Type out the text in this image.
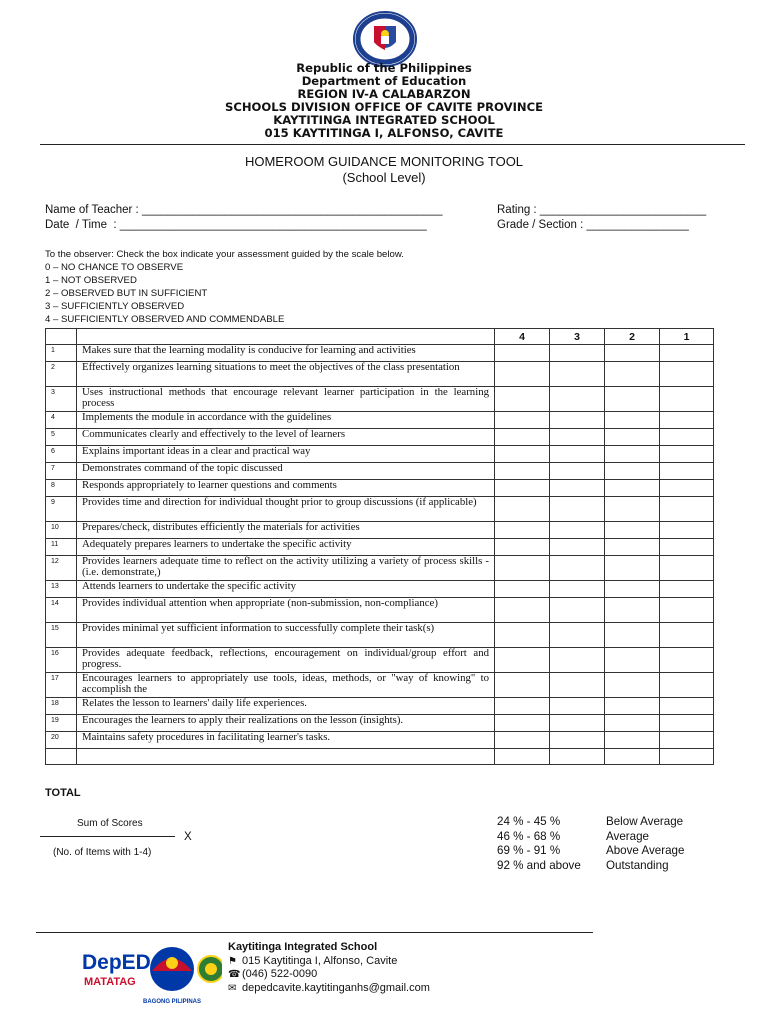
Republic of the Philippines
Department of Education
REGION IV-A CALABARZON
SCHOOLS DIVISION OFFICE OF CAVITE PROVINCE
KAYTITINGA INTEGRATED SCHOOL
015 KAYTITINGA I, ALFONSO, CAVITE
HOMEROOM GUIDANCE MONITORING TOOL
(School Level)
Name of Teacher : _______________________________________________
Date  / Time  : ________________________________________________
Rating : __________________________
Grade / Section : ________________
To the observer: Check the box indicate your assessment guided by the scale below.
0 – NO CHANCE TO OBSERVE
1 – NOT OBSERVED
2 – OBSERVED BUT IN SUFFICIENT
3 – SUFFICIENTLY OBSERVED
4 – SUFFICIENTLY OBSERVED AND COMMENDABLE
		4	3	2	1
1	Makes sure that the learning modality is conducive for learning and activities				
2	Effectively organizes learning situations to meet the objectives of the class presentation				
3	Uses instructional methods that encourage relevant learner participation in the learning process				
4	Implements the module in accordance with the guidelines				
5	Communicates clearly and effectively to the level of learners				
6	Explains important ideas in a clear and practical way				
7	Demonstrates command of the topic discussed				
8	Responds appropriately to learner questions and comments				
9	Provides time and direction for individual thought prior to group discussions (if applicable)				
10	Prepares/check, distributes efficiently the materials for activities				
11	Adequately prepares learners to undertake the specific activity				
12	Provides learners adequate time to reflect on the activity utilizing a variety of process skills - (i.e. demonstrate,)				
13	Attends learners to undertake the specific activity				
14	Provides individual attention when appropriate (non-submission, non-compliance)				
15	Provides minimal yet sufficient information to successfully complete their task(s)				
16	Provides adequate feedback, reflections, encouragement on individual/group effort and progress.				
17	Encourages learners to appropriately use tools, ideas, methods, or "way of knowing" to accomplish the				
18	Relates the lesson to learners' daily life experiences.				
19	Encourages the learners to apply their realizations on the lesson (insights).				
20	Maintains safety procedures in facilitating learner's tasks.				

TOTAL
Sum of Scores
X
(No. of Items with 1-4)
24 % - 45 %	Below Average
46 % - 68 %	Average
69 % - 91 %	Above Average
92 % and above Outstanding
DepED
MATATAG
BAGONG PILIPINAS
Kaytitinga Integrated School
⚑ 015 Kaytitinga I, Alfonso, Cavite
☎ (046) 522-0090
✉ depedcavite.kaytitinganhs@gmail.com
